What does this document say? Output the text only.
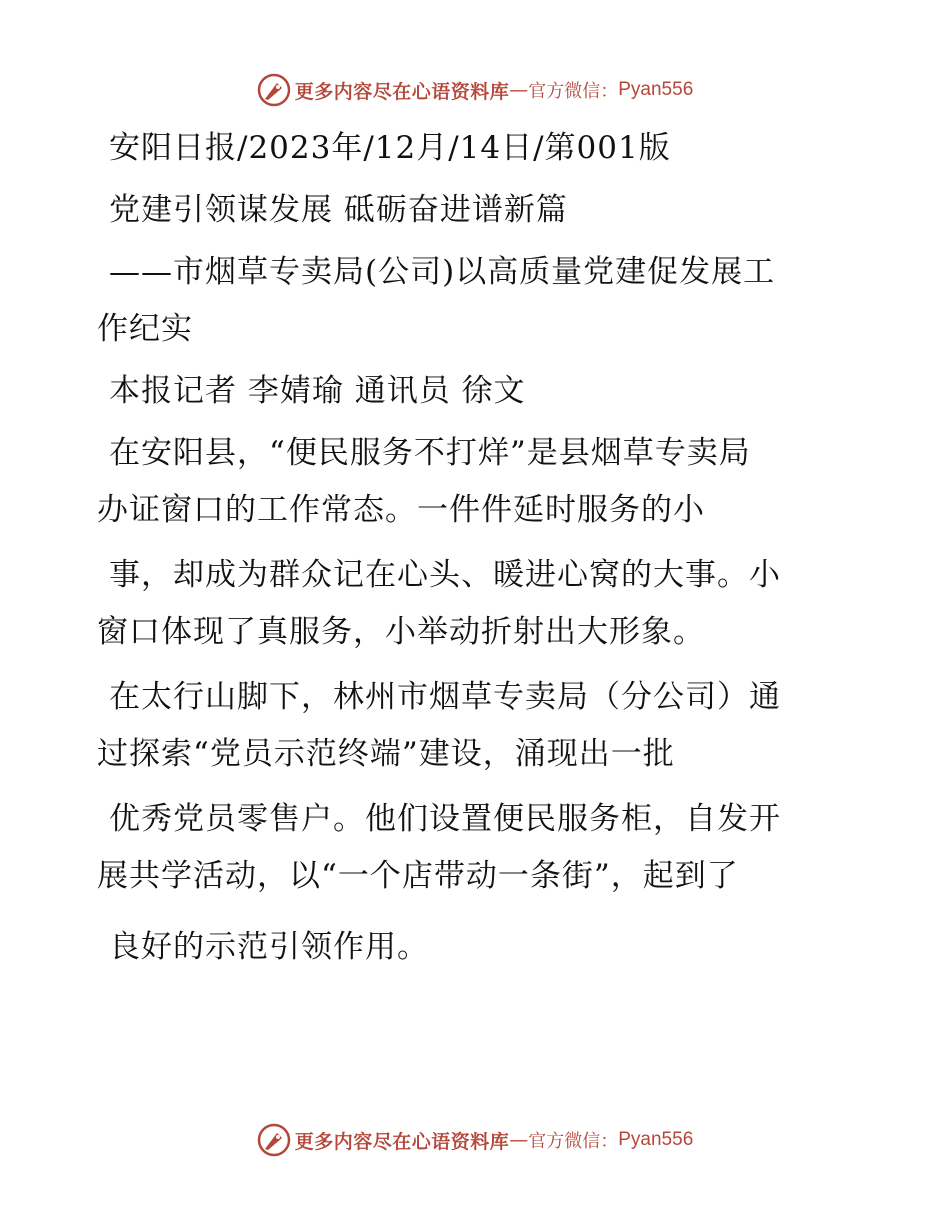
更多内容尽在心语资料库 — 官方微信： Pyan556

安阳日报/2023年/12月/14日/第001版

党建引领谋发展 砥砺奋进谱新篇

——市烟草专卖局(公司)以高质量党建促发展工

作纪实

本报记者 李婧瑜 通讯员 徐文

在安阳县，“便民服务不打烊”是县烟草专卖局

办证窗口的工作常态。一件件延时服务的小

事，却成为群众记在心头、暖进心窝的大事。小

窗口体现了真服务，小举动折射出大形象。

在太行山脚下，林州市烟草专卖局（分公司）通

过探索“党员示范终端”建设，涌现出一批

优秀党员零售户。他们设置便民服务柜，自发开

展共学活动，以“一个店带动一条街”，起到了

良好的示范引领作用。

更多内容尽在心语资料库 — 官方微信： Pyan556
